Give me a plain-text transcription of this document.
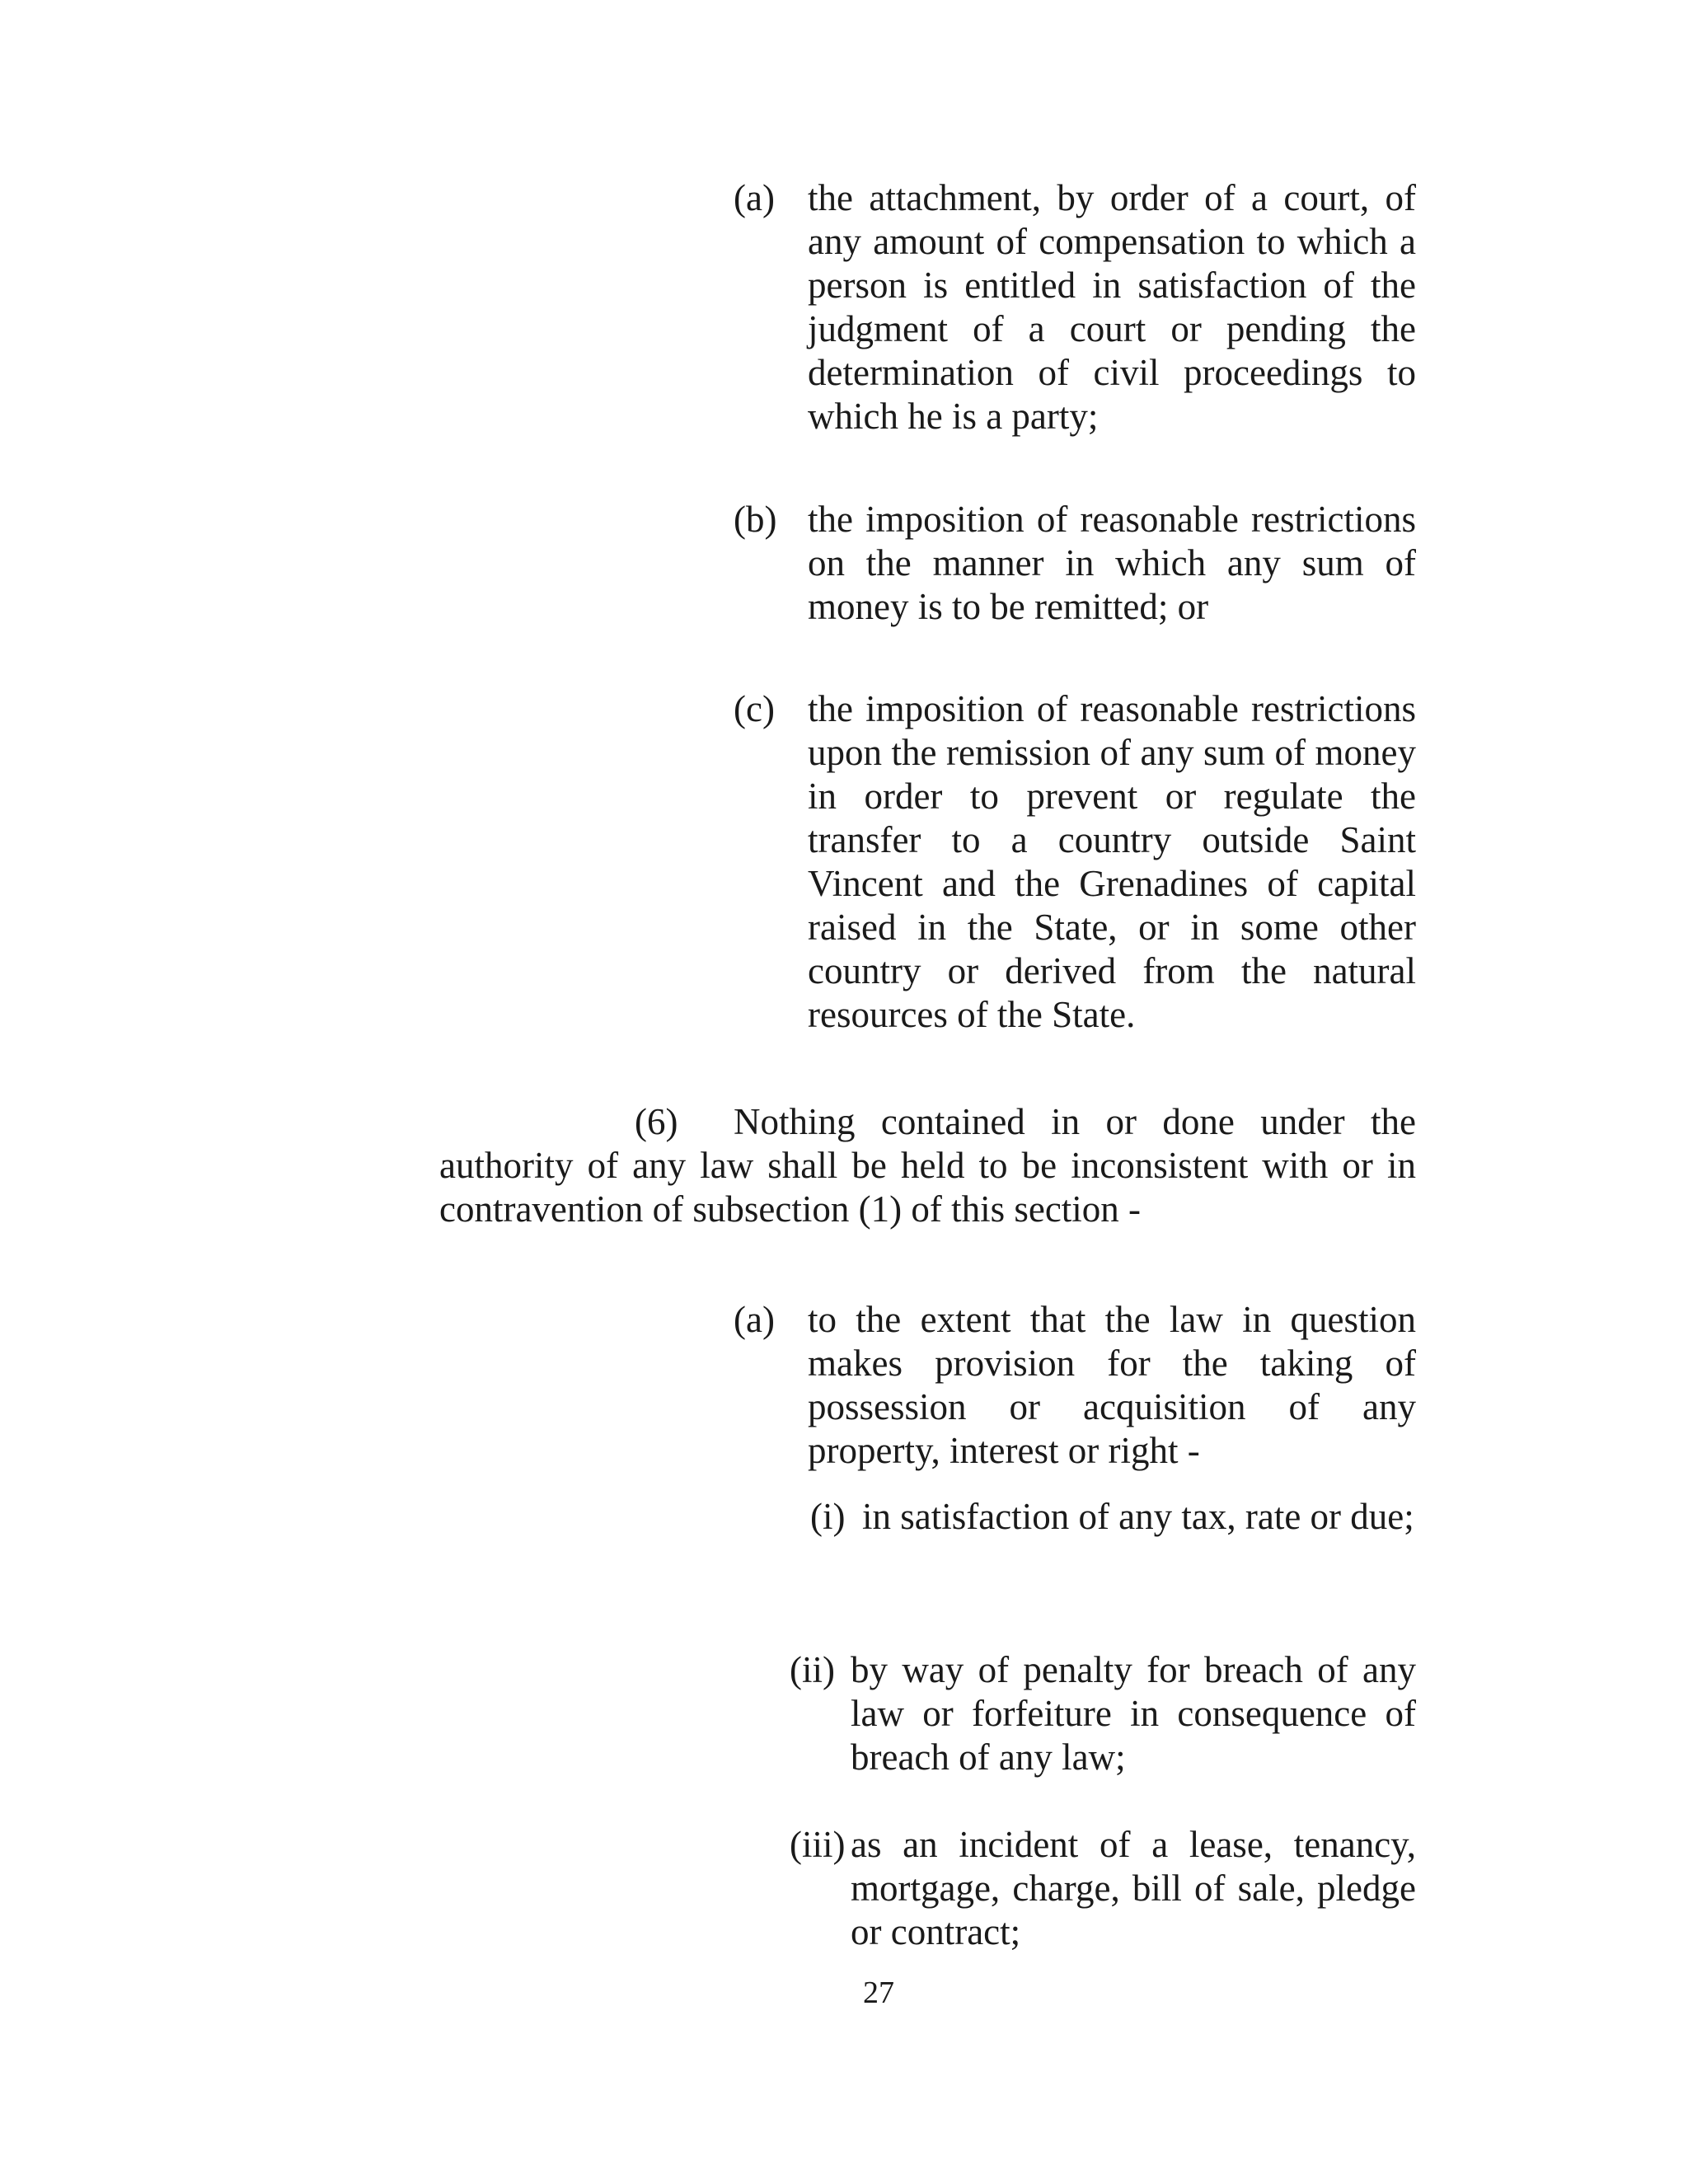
(a) the attachment, by order of a court, of any amount of compensation to which a person is entitled in satisfaction of the judgment of a court or pending the determination of civil proceedings to which he is a party;
(b) the imposition of reasonable restrictions on the manner in which any sum of money is to be remitted; or
(c) the imposition of reasonable restrictions upon the remission of any sum of money in order to prevent or regulate the transfer to a country outside Saint Vincent and the Grenadines of capital raised in the State, or in some other country or derived from the natural resources of the State.
(6)	Nothing contained in or done under the authority of any law shall be held to be inconsistent with or in contravention of subsection (1) of this section -
(a) to the extent that the law in question makes provision for the taking of possession or acquisition of any property, interest or right -
(i) in satisfaction of any tax, rate or due;
(ii) by way of penalty for breach of any law or forfeiture in consequence of breach of any law;
(iii) as an incident of a lease, tenancy, mortgage, charge, bill of sale, pledge or contract;
27
